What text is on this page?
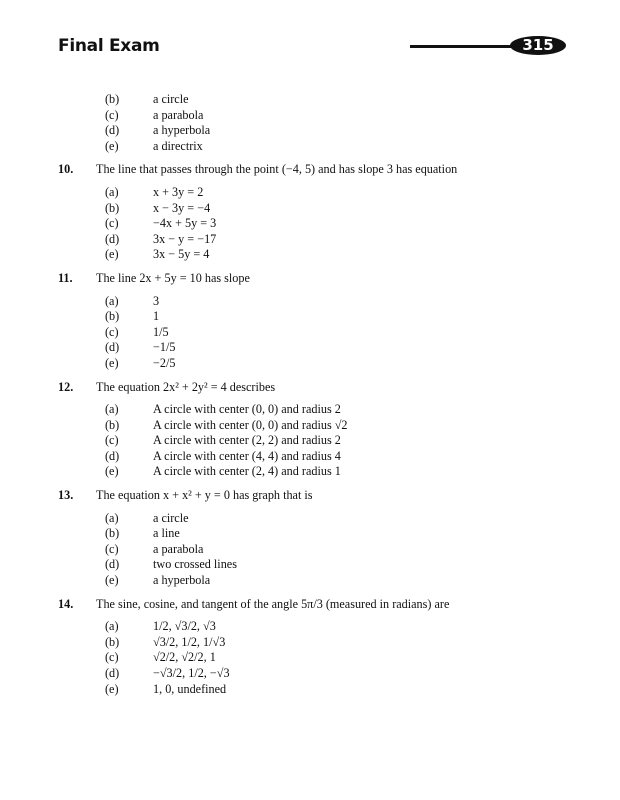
Final Exam	315
(b)	a circle
(c)	a parabola
(d)	a hyperbola
(e)	a directrix
10.	The line that passes through the point (−4, 5) and has slope 3 has equation
(a)	x + 3y = 2
(b)	x − 3y = −4
(c)	−4x + 5y = 3
(d)	3x − y = −17
(e)	3x − 5y = 4
11.	The line 2x + 5y = 10 has slope
(a)	3
(b)	1
(c)	1/5
(d)	−1/5
(e)	−2/5
12.	The equation 2x² + 2y² = 4 describes
(a)	A circle with center (0, 0) and radius 2
(b)	A circle with center (0, 0) and radius √2
(c)	A circle with center (2, 2) and radius 2
(d)	A circle with center (4, 4) and radius 4
(e)	A circle with center (2, 4) and radius 1
13.	The equation x + x² + y = 0 has graph that is
(a)	a circle
(b)	a line
(c)	a parabola
(d)	two crossed lines
(e)	a hyperbola
14.	The sine, cosine, and tangent of the angle 5π/3 (measured in radians) are
(a)	1/2, √3/2, √3
(b)	√3/2, 1/2, 1/√3
(c)	√2/2, √2/2, 1
(d)	−√3/2, 1/2, −√3
(e)	1, 0, undefined
